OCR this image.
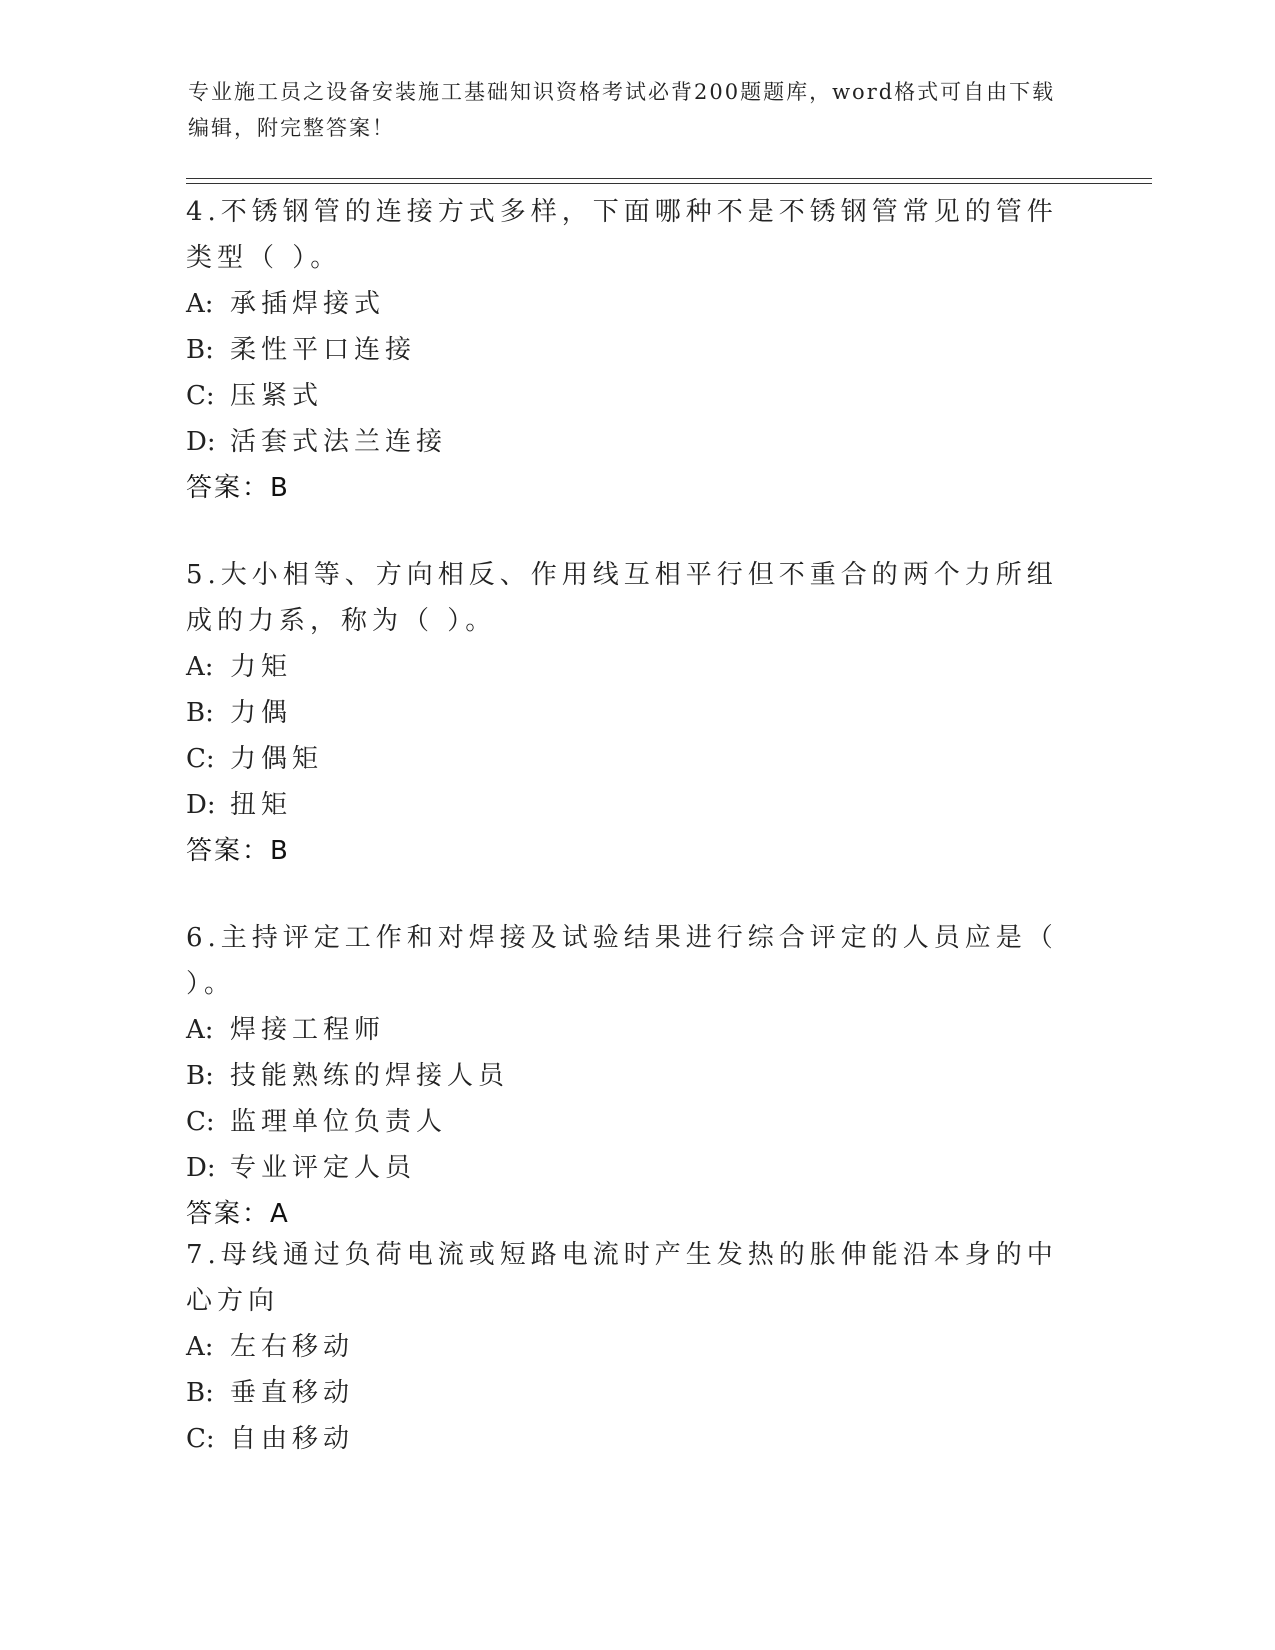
专业施工员之设备安装施工基础知识资格考试必背200题题库，word格式可自由下载编辑，附完整答案！

4.不锈钢管的连接方式多样，下面哪种不是不锈钢管常见的管件类型（ ）。

A: 承插焊接式

B: 柔性平口连接

C: 压紧式

D: 活套式法兰连接

答案：B

5.大小相等、方向相反、作用线互相平行但不重合的两个力所组成的力系，称为（ ）。

A: 力矩

B: 力偶

C: 力偶矩

D: 扭矩

答案：B

6.主持评定工作和对焊接及试验结果进行综合评定的人员应是（ ）。

A: 焊接工程师

B: 技能熟练的焊接人员

C: 监理单位负责人

D: 专业评定人员

答案：A

7.母线通过负荷电流或短路电流时产生发热的胀伸能沿本身的中心方向

A: 左右移动

B: 垂直移动

C: 自由移动
